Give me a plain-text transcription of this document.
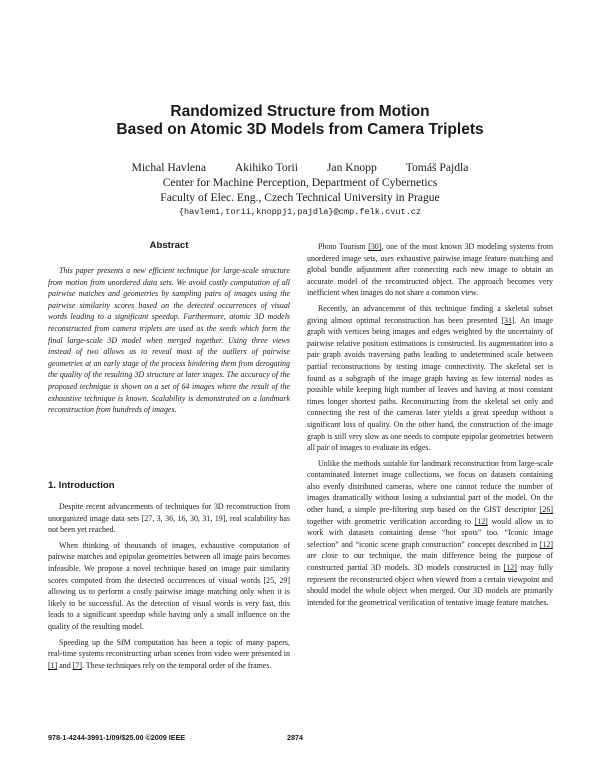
Randomized Structure from Motion
Based on Atomic 3D Models from Camera Triplets
Michal Havlena Akihiko Torii Jan Knopp Tomáš Pajdla
Center for Machine Perception, Department of Cybernetics
Faculty of Elec. Eng., Czech Technical University in Prague
{havlem1,torii,knoppj1,pajdla}@cmp.felk.cvut.cz
Abstract

This paper presents a new efficient technique for large-scale structure from motion from unordered data sets. We avoid costly computation of all pairwise matches and geometries by sampling pairs of images using the pairwise similarity scores based on the detected occurrences of visual words leading to a significant speedup. Furthermore, atomic 3D models reconstructed from camera triplets are used as the seeds which form the final large-scale 3D model when merged together. Using three views instead of two allows us to reveal most of the outliers of pairwise geometries at an early stage of the process hindering them from derogating the quality of the resulting 3D structure at later stages. The accuracy of the proposed technique is shown on a set of 64 images where the result of the exhaustive technique is known. Scalability is demonstrated on a landmark reconstruction from hundreds of images.

1. Introduction

Despite recent advancements of techniques for 3D reconstruction from unorganized image data sets [27, 3, 36, 16, 30, 31, 19], real scalability has not been yet reached.

When thinking of thousands of images, exhaustive computation of pairwise matches and epipolar geometries between all image pairs becomes infeasible. We propose a novel technique based on image pair similarity scores computed from the detected occurrences of visual words [25, 29] allowing us to perform a costly pairwise image matching only when it is likely to be successful. As the detection of visual words is very fast, this leads to a significant speedup while having only a small influence on the quality of the resulting model.

Speeding up the SfM computation has been a topic of many papers, real-time systems reconstructing urban scenes from video were presented in [1] and [7]. These techniques rely on the temporal order of the frames.

Photo Tourism [30], one of the most known 3D modeling systems from unordered image sets, uses exhaustive pairwise image feature matching and global bundle adjustment after connecting each new image to obtain an accurate model of the reconstructed object. The approach becomes very inefficient when images do not share a common view.

Recently, an advancement of this technique finding a skeletal subset giving almost optimal reconstruction has been presented [31]. An image graph with vertices being images and edges weighted by the uncertainty of pairwise relative position estimations is constructed. Its augmentation into a pair graph avoids traversing paths leading to undetermined scale between partial reconstructions by testing image connectivity. The skeletal set is found as a subgraph of the image graph having as few internal nodes as possible while keeping high number of leaves and having at most constant times longer shortest paths. Reconstructing from the skeletal set only and connecting the rest of the cameras later yields a great speedup without a significant loss of quality. On the other hand, the construction of the image graph is still very slow as one needs to compute epipolar geometries between all pair of images to evaluate its edges.

Unlike the methods suitable for landmark reconstruction from large-scale contaminated Internet image collections, we focus on datasets containing also evenly distributed cameras, where one cannot reduce the number of images dramatically without losing a substantial part of the model. On the other hand, a simple pre-filtering step based on the GIST descriptor [26] together with geometric verification according to [12] would allow us to work with datasets containing dense “hot spots” too. “Iconic image selection” and “iconic scene graph construction” concepts described in [12] are close to our technique, the main difference being the purpose of constructed partial 3D models. 3D models constructed in [12] may fully represent the reconstructed object when viewed from a certain viewpoint and should model the whole object when merged. Our 3D models are primarily intended for the geometrical verification of tentative image feature matches.

978-1-4244-3991-1/09/$25.00 ©2009 IEEE	2874
